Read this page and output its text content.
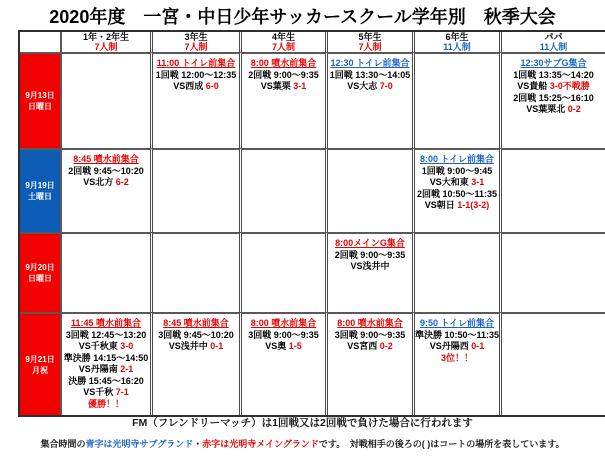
2020年度　一宮・中日少年サッカースクール学年別　秋季大会
1年・2年生
7人制
3年生
7人制
4年生
7人制
5年生
7人制
6年生
11人制
パパ
11人制
9月13日
日曜日
11:00 トイレ前集合
1回戦 12:00～12:35
VS西成 6-0
8:00 噴水前集合
2回戦 9:00～9:35
VS葉栗 3-1
12:30 トイレ前集合
1回戦 13:30～14:05
VS大志 7-0
12:30サブG集合
1回戦 13:35～14:20
VS貴船 3-0不戦勝
2回戦 15:25～16:10
VS葉栗北 0-2
9月19日
土曜日
8:45 噴水前集合
2回戦 9:45～10:20
VS北方 6-2
8:00 トイレ前集合
1回戦 9:00～9:45
VS大和東 3-1
2回戦 10:50～11:35
VS朝日 1-1(3-2)
9月20日
日曜日
8:00メインG集合
2回戦 9:00～9:35
VS浅井中
9月21日
月祝
11:45 噴水前集合
3回戦 12:45～13:20
VS千秋東 3-0
準決勝 14:15～14:50
VS丹陽南 2-1
決勝 15:45～16:20
VS千秋 7-1
優勝！！
8:45 噴水前集合
3回戦 9:45～10:20
VS浅井中 0-1
8:00 噴水前集合
3回戦 9:00～9:35
VS奥 1-5
8:00 噴水前集合
3回戦 9:00～9:35
VS宮西 0-2
9:50 トイレ前集合
準決勝 10:50～11:35
VS丹陽西 0-1
3位！！
FM（フレンドリーマッチ）は1回戦又は2回戦で負けた場合に行われます
集合時間の青字は光明寺サブグランド・赤字は光明寺メイングランドです。　対戦相手の後ろの( )はコートの場所を表しています。
